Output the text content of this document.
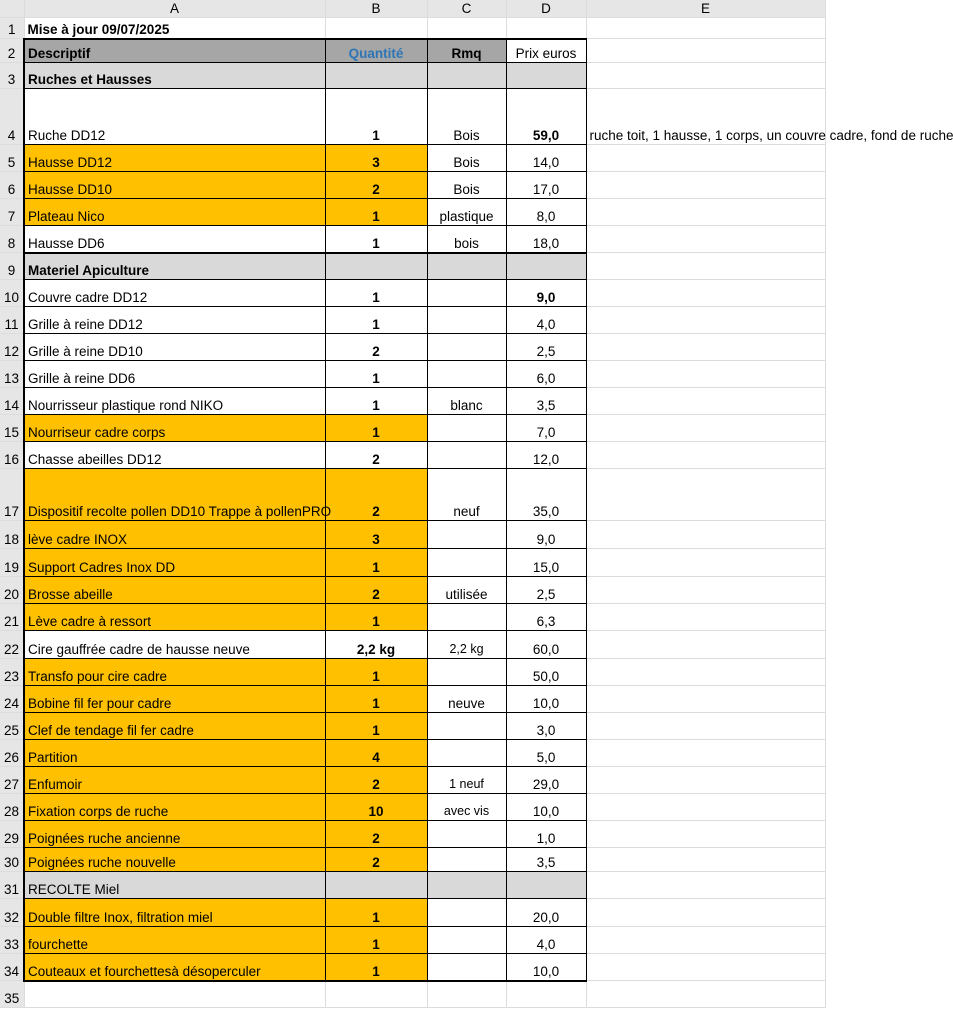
	A	B	C	D	E
1	Mise à jour 09/07/2025				
2	Descriptif	Quantité	Rmq	Prix euros	
3	Ruches et Hausses				
4	Ruche DD12	1	Bois	59,0	ruche toit, 1 hausse, 1 corps, un couvre cadre, fond de ruche
5	Hausse DD12	3	Bois	14,0	
6	Hausse DD10	2	Bois	17,0	
7	Plateau Nico	1	plastique	8,0	
8	Hausse DD6	1	bois	18,0	
9	Materiel Apiculture				
10	Couvre cadre DD12	1		9,0	
11	Grille à reine DD12	1		4,0	
12	Grille à reine DD10	2		2,5	
13	Grille à reine DD6	1		6,0	
14	Nourrisseur plastique rond NIKO	1	blanc	3,5	
15	Nourriseur cadre corps	1		7,0	
16	Chasse abeilles DD12	2		12,0	
17	Dispositif recolte pollen DD10 Trappe à pollenPRO	2	neuf	35,0	
18	lève cadre INOX	3		9,0	
19	Support Cadres Inox DD	1		15,0	
20	Brosse abeille	2	utilisée	2,5	
21	Lève cadre à ressort	1		6,3	
22	Cire gauffrée cadre de hausse neuve	2,2 kg	2,2 kg	60,0	
23	Transfo pour cire cadre	1		50,0	
24	Bobine fil fer pour cadre	1	neuve	10,0	
25	Clef de tendage fil fer cadre	1		3,0	
26	Partition	4		5,0	
27	Enfumoir	2	1 neuf	29,0	
28	Fixation corps de ruche	10	avec vis	10,0	
29	Poignées ruche ancienne	2		1,0	
30	Poignées ruche nouvelle	2		3,5	
31	RECOLTE Miel				
32	Double filtre Inox, filtration miel	1		20,0	
33	fourchette	1		4,0	
34	Couteaux et fourchettesà désoperculer	1		10,0	
35					
